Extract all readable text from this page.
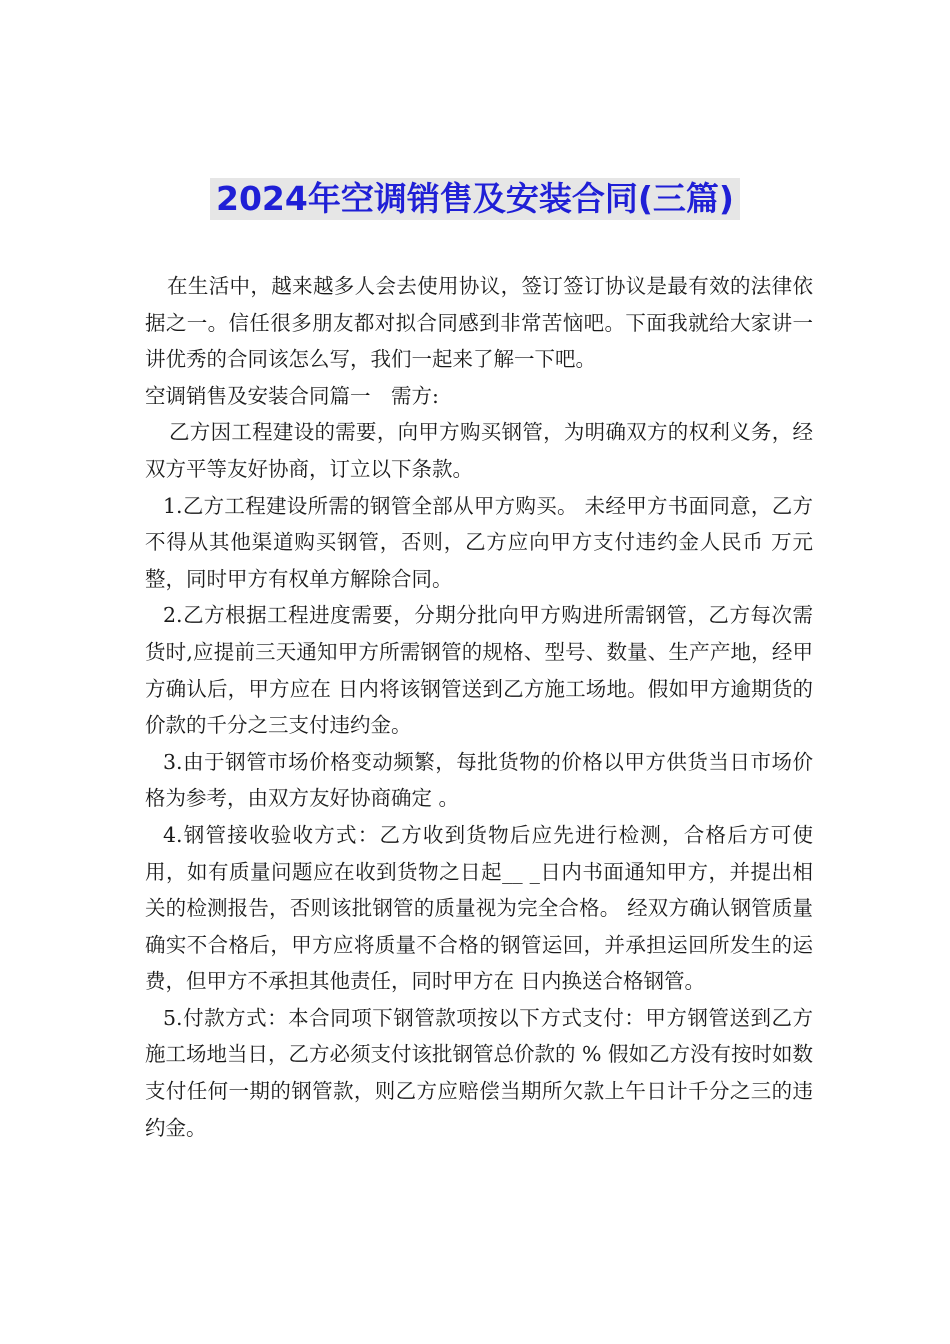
2024年空调销售及安装合同(三篇)

在生活中，越来越多人会去使用协议，签订签订协议是最有效的法律依据之一。信任很多朋友都对拟合同感到非常苦恼吧。下面我就给大家讲一讲优秀的合同该怎么写，我们一起来了解一下吧。

空调销售及安装合同篇一　需方:

乙方因工程建设的需要，向甲方购买钢管，为明确双方的权利义务，经双方平等友好协商，订立以下条款。

1.乙方工程建设所需的钢管全部从甲方购买。 未经甲方书面同意，乙方不得从其他渠道购买钢管，否则，乙方应向甲方支付违约金人民币 万元整，同时甲方有权单方解除合同。

2.乙方根据工程进度需要，分期分批向甲方购进所需钢管，乙方每次需货时,应提前三天通知甲方所需钢管的规格、型号、数量、生产产地，经甲方确认后，甲方应在 日内将该钢管送到乙方施工场地。假如甲方逾期货的价款的千分之三支付违约金。

3.由于钢管市场价格变动频繁，每批货物的价格以甲方供货当日市场价格为参考，由双方友好协商确定 。

4.钢管接收验收方式：乙方收到货物后应先进行检测，合格后方可使用，如有质量问题应在收到货物之日起__ _日内书面通知甲方，并提出相关的检测报告，否则该批钢管的质量视为完全合格。 经双方确认钢管质量确实不合格后，甲方应将质量不合格的钢管运回，并承担运回所发生的运费，但甲方不承担其他责任，同时甲方在 日内换送合格钢管。

5.付款方式：本合同项下钢管款项按以下方式支付：甲方钢管送到乙方施工场地当日，乙方必须支付该批钢管总价款的 % 假如乙方没有按时如数支付任何一期的钢管款，则乙方应赔偿当期所欠款上午日计千分之三的违约金。
